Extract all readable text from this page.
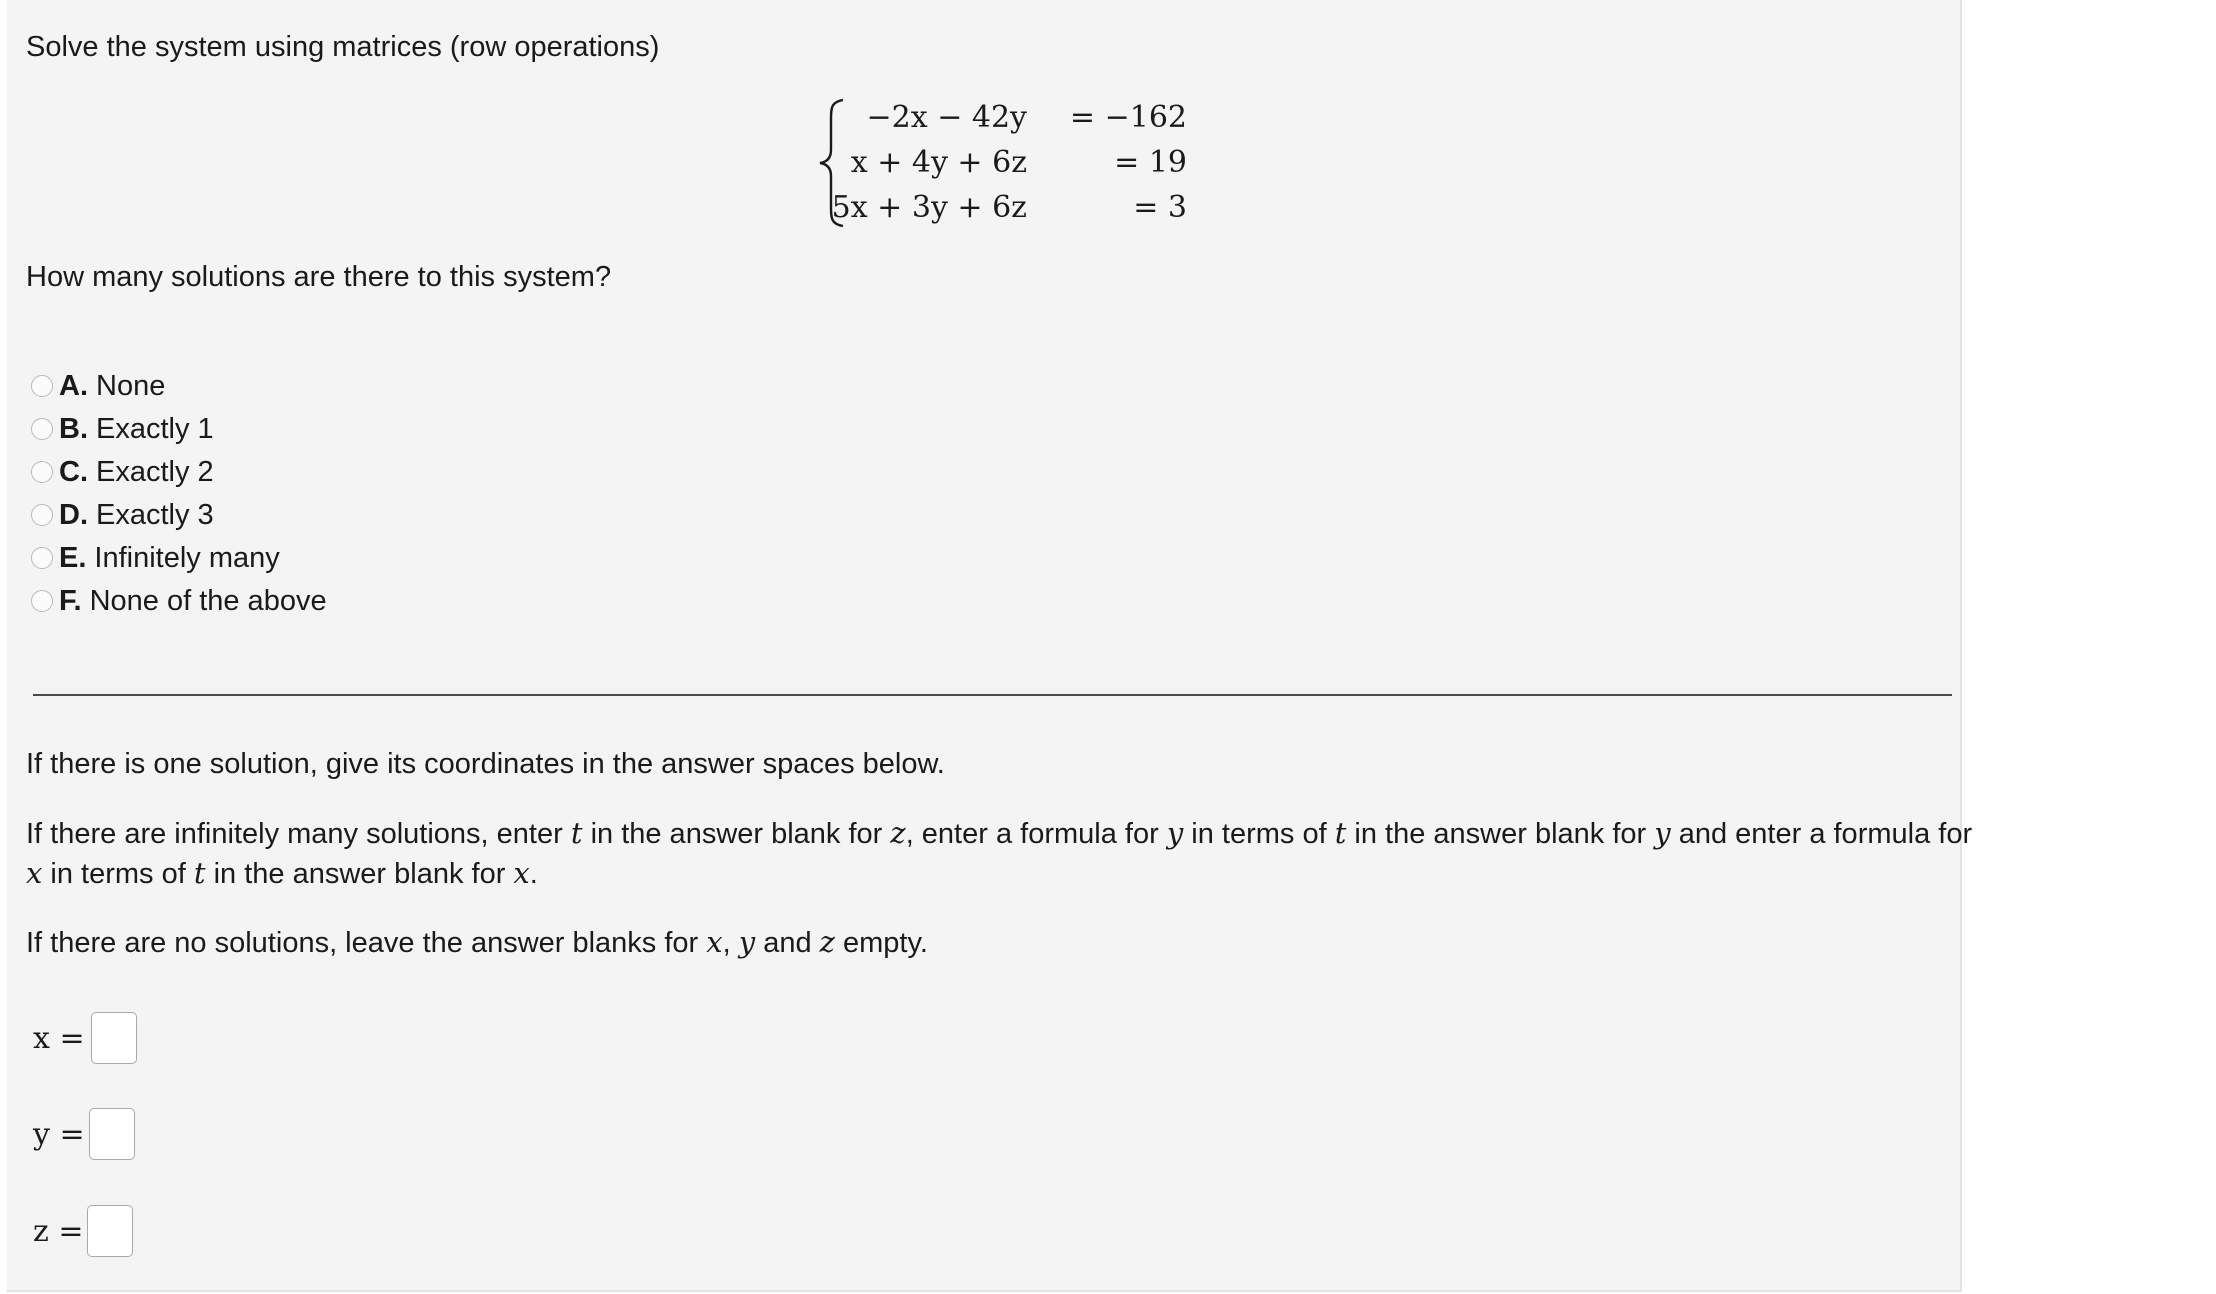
Solve the system using matrices (row operations)
−2x − 42y = −162
x + 4y + 6z	= 19
5x + 3y + 6z	= 3
How many solutions are there to this system?
A. None
B. Exactly 1
C. Exactly 2
D. Exactly 3
E. Infinitely many
F. None of the above
If there is one solution, give its coordinates in the answer spaces below.
If there are infinitely many solutions, enter t in the answer blank for z, enter a formula for y in terms of t in the answer blank for y and enter a formula for
x in terms of t in the answer blank for x.
If there are no solutions, leave the answer blanks for x, y and z empty.
x =
y =
z =
